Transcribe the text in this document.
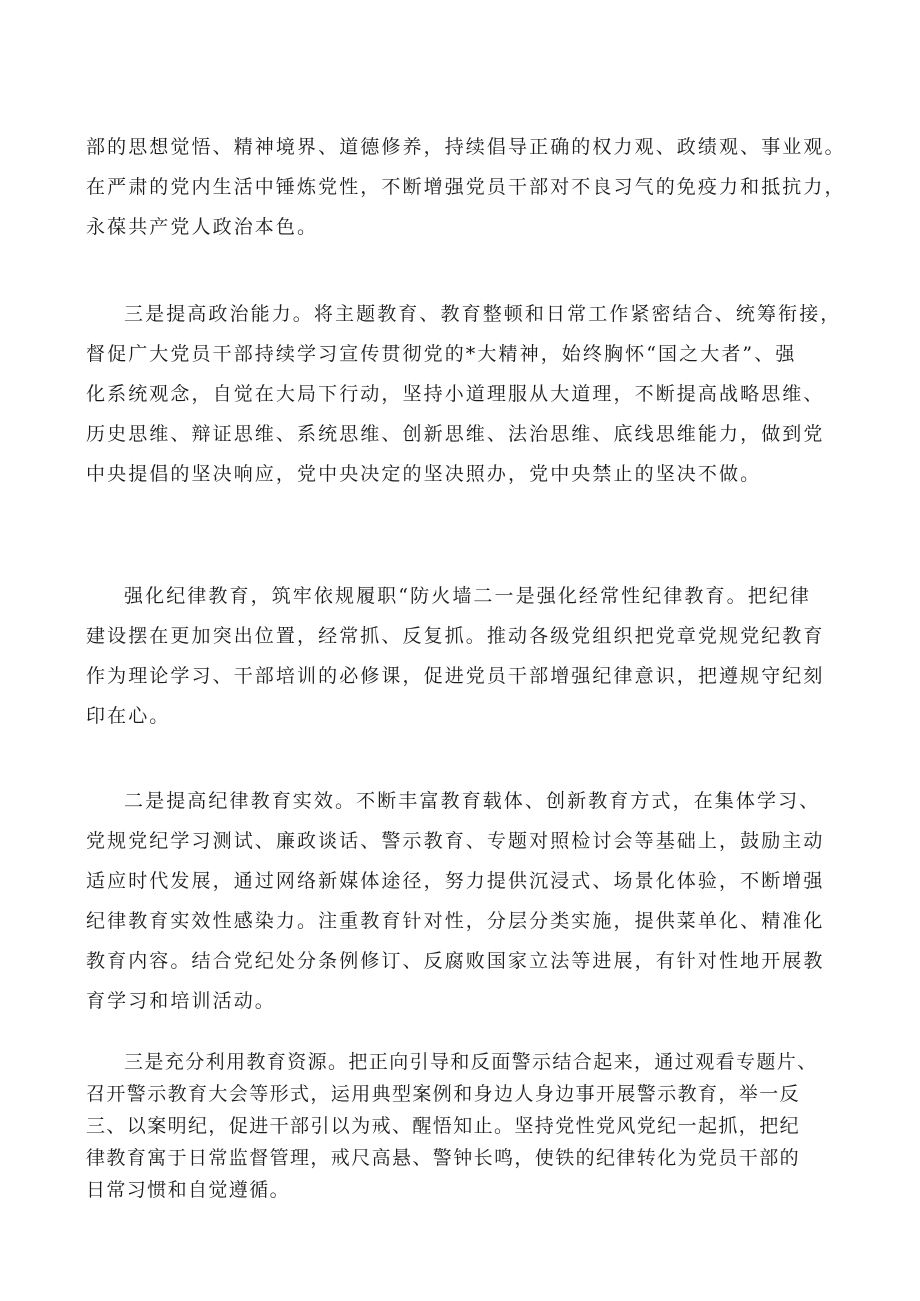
部的思想觉悟、精神境界、道德修养，持续倡导正确的权力观、政绩观、事业观。
在严肃的党内生活中锤炼党性，不断增强党员干部对不良习气的免疫力和抵抗力，
永葆共产党人政治本色。

三是提高政治能力。将主题教育、教育整顿和日常工作紧密结合、统筹衔接，
督促广大党员干部持续学习宣传贯彻党的*大精神，始终胸怀“国之大者”、强
化系统观念，自觉在大局下行动，坚持小道理服从大道理，不断提高战略思维、
历史思维、辩证思维、系统思维、创新思维、法治思维、底线思维能力，做到党
中央提倡的坚决响应，党中央决定的坚决照办，党中央禁止的坚决不做。

强化纪律教育，筑牢依规履职“防火墙二一是强化经常性纪律教育。把纪律
建设摆在更加突出位置，经常抓、反复抓。推动各级党组织把党章党规党纪教育
作为理论学习、干部培训的必修课，促进党员干部增强纪律意识，把遵规守纪刻
印在心。

二是提高纪律教育实效。不断丰富教育载体、创新教育方式，在集体学习、
党规党纪学习测试、廉政谈话、警示教育、专题对照检讨会等基础上，鼓励主动
适应时代发展，通过网络新媒体途径，努力提供沉浸式、场景化体验，不断增强
纪律教育实效性感染力。注重教育针对性，分层分类实施，提供菜单化、精准化
教育内容。结合党纪处分条例修订、反腐败国家立法等进展，有针对性地开展教
育学习和培训活动。

三是充分利用教育资源。把正向引导和反面警示结合起来，通过观看专题片、
召开警示教育大会等形式，运用典型案例和身边人身边事开展警示教育，举一反
三、以案明纪，促进干部引以为戒、醒悟知止。坚持党性党风党纪一起抓，把纪
律教育寓于日常监督管理，戒尺高悬、警钟长鸣，使铁的纪律转化为党员干部的
日常习惯和自觉遵循。
